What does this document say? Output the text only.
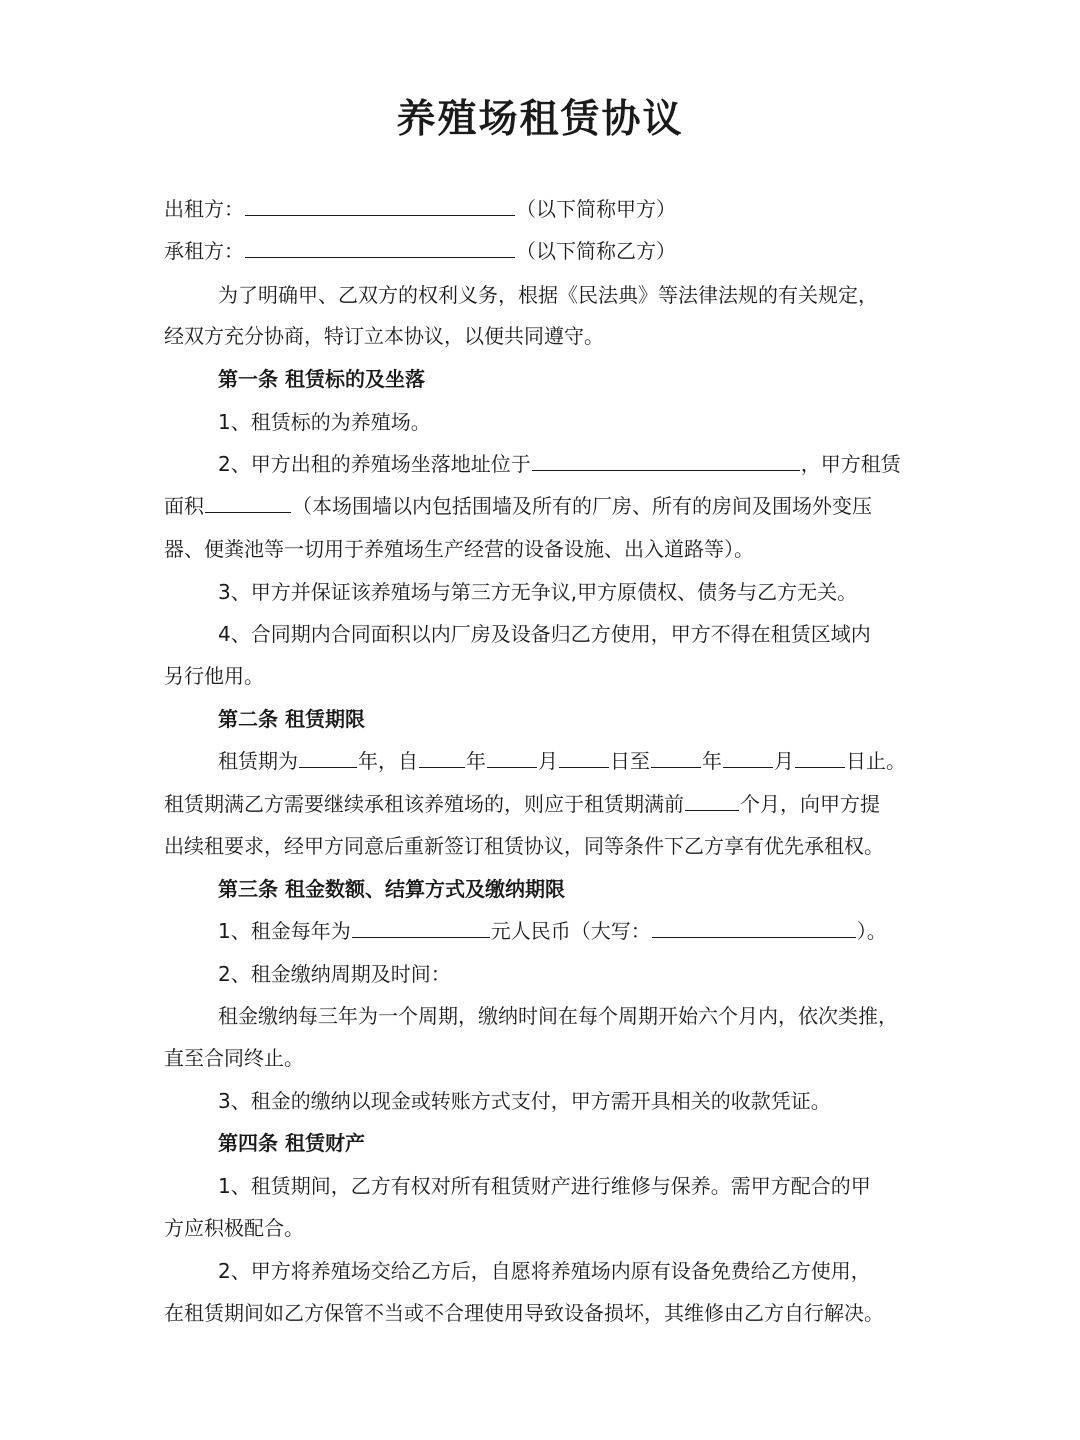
养殖场租赁协议
出租方：	（以下简称甲方）
承租方：	（以下简称乙方）
为了明确甲、乙双方的权利义务，根据《民法典》等法律法规的有关规定，
经双方充分协商，特订立本协议，以便共同遵守。
第一条 租赁标的及坐落
1、租赁标的为养殖场。
2、甲方出租的养殖场坐落地址位于	，甲方租赁
面积	（本场围墙以内包括围墙及所有的厂房、所有的房间及围场外变压
器、便粪池等一切用于养殖场生产经营的设备设施、出入道路等）。
3、甲方并保证该养殖场与第三方无争议,甲方原债权、债务与乙方无关。
4、合同期内合同面积以内厂房及设备归乙方使用，甲方不得在租赁区域内
另行他用。
第二条 租赁期限
租赁期为	年，自 年	月	日至	年	月	日止。
租赁期满乙方需要继续承租该养殖场的，则应于租赁期满前	个月，向甲方提
出续租要求，经甲方同意后重新签订租赁协议，同等条件下乙方享有优先承租权。
第三条 租金数额、结算方式及缴纳期限
1、租金每年为	元人民币（大写：	）。
2、租金缴纳周期及时间：
租金缴纳每三年为一个周期，缴纳时间在每个周期开始六个月内，依次类推，
直至合同终止。
3、租金的缴纳以现金或转账方式支付，甲方需开具相关的收款凭证。
第四条 租赁财产
1、租赁期间，乙方有权对所有租赁财产进行维修与保养。需甲方配合的甲
方应积极配合。
2、甲方将养殖场交给乙方后，自愿将养殖场内原有设备免费给乙方使用，
在租赁期间如乙方保管不当或不合理使用导致设备损坏，其维修由乙方自行解决。
